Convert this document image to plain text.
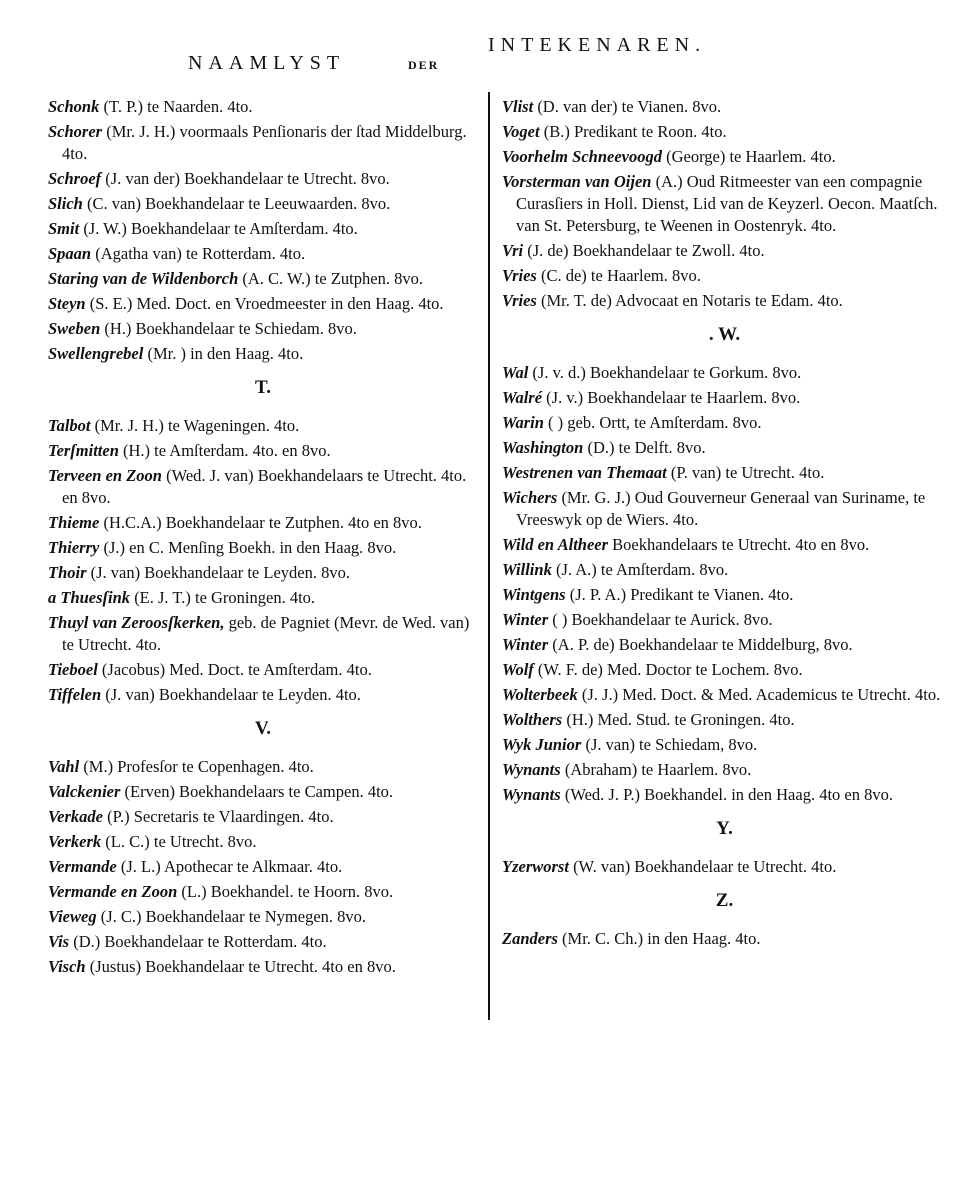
NAAMLYST	DER
INTEKENAREN.
Schonk (T. P.) te Naarden. 4to.
Schorer (Mr. J. H.) voormaals Penſionaris der ſtad Middelburg. 4to.
Schroef (J. van der) Boekhandelaar te Utrecht. 8vo.
Slich (C. van) Boekhandelaar te Leeuwaarden. 8vo.
Smit (J. W.) Boekhandelaar te Amſterdam. 4to.
Spaan (Agatha van) te Rotterdam. 4to.
Staring van de Wildenborch (A. C. W.) te Zutphen. 8vo.
Steyn (S. E.) Med. Doct. en Vroedmeester in den Haag. 4to.
Sweben (H.) Boekhandelaar te Schiedam. 8vo.
Swellengrebel (Mr. ) in den Haag. 4to.
T.
Talbot (Mr. J. H.) te Wageningen. 4to.
Terſmitten (H.) te Amſterdam. 4to. en 8vo.
Terveen en Zoon (Wed. J. van) Boekhandelaars te Utrecht. 4to. en 8vo.
Thieme (H.C.A.) Boekhandelaar te Zutphen. 4to en 8vo.
Thierry (J.) en C. Menſing Boekh. in den Haag. 8vo.
Thoir (J. van) Boekhandelaar te Leyden. 8vo.
a Thuesſink (E. J. T.) te Groningen. 4to.
Thuyl van Zeroosſkerken, geb. de Pagniet (Mevr. de Wed. van) te Utrecht. 4to.
Tieboel (Jacobus) Med. Doct. te Amſterdam. 4to.
Tiffelen (J. van) Boekhandelaar te Leyden. 4to.
V.
Vahl (M.) Profesſor te Copenhagen. 4to.
Valckenier (Erven) Boekhandelaars te Campen. 4to.
Verkade (P.) Secretaris te Vlaardingen. 4to.
Verkerk (L. C.) te Utrecht. 8vo.
Vermande (J. L.) Apothecar te Alkmaar. 4to.
Vermande en Zoon (L.) Boekhandel. te Hoorn. 8vo.
Vieweg (J. C.) Boekhandelaar te Nymegen. 8vo.
Vis (D.) Boekhandelaar te Rotterdam. 4to.
Visch (Justus) Boekhandelaar te Utrecht. 4to en 8vo.
Vlist (D. van der) te Vianen. 8vo.
Voget (B.) Predikant te Roon. 4to.
Voorhelm Schneevoogd (George) te Haarlem. 4to.
Vorsterman van Oijen (A.) Oud Ritmeester van een compagnie Curasſiers in Holl. Dienst, Lid van de Keyzerl. Oecon. Maatſch. van St. Petersburg, te Weenen in Oostenryk. 4to.
Vri (J. de) Boekhandelaar te Zwoll. 4to.
Vries (C. de) te Haarlem. 8vo.
Vries (Mr. T. de) Advocaat en Notaris te Edam. 4to.
. W.
Wal (J. v. d.) Boekhandelaar te Gorkum. 8vo.
Walré (J. v.) Boekhandelaar te Haarlem. 8vo.
Warin ( ) geb. Ortt, te Amſterdam. 8vo.
Washington (D.) te Delft. 8vo.
Westrenen van Themaat (P. van) te Utrecht. 4to.
Wichers (Mr. G. J.) Oud Gouverneur Generaal van Suriname, te Vreeswyk op de Wiers. 4to.
Wild en Altheer Boekhandelaars te Utrecht. 4to en 8vo.
Willink (J. A.) te Amſterdam. 8vo.
Wintgens (J. P. A.) Predikant te Vianen. 4to.
Winter ( ) Boekhandelaar te Aurick. 8vo.
Winter (A. P. de) Boekhandelaar te Middelburg, 8vo.
Wolf (W. F. de) Med. Doctor te Lochem. 8vo.
Wolterbeek (J. J.) Med. Doct. & Med. Academicus te Utrecht. 4to.
Wolthers (H.) Med. Stud. te Groningen. 4to.
Wyk Junior (J. van) te Schiedam, 8vo.
Wynants (Abraham) te Haarlem. 8vo.
Wynants (Wed. J. P.) Boekhandel. in den Haag. 4to en 8vo.
Y.
Yzerworst (W. van) Boekhandelaar te Utrecht. 4to.
Z.
Zanders (Mr. C. Ch.) in den Haag. 4to.
